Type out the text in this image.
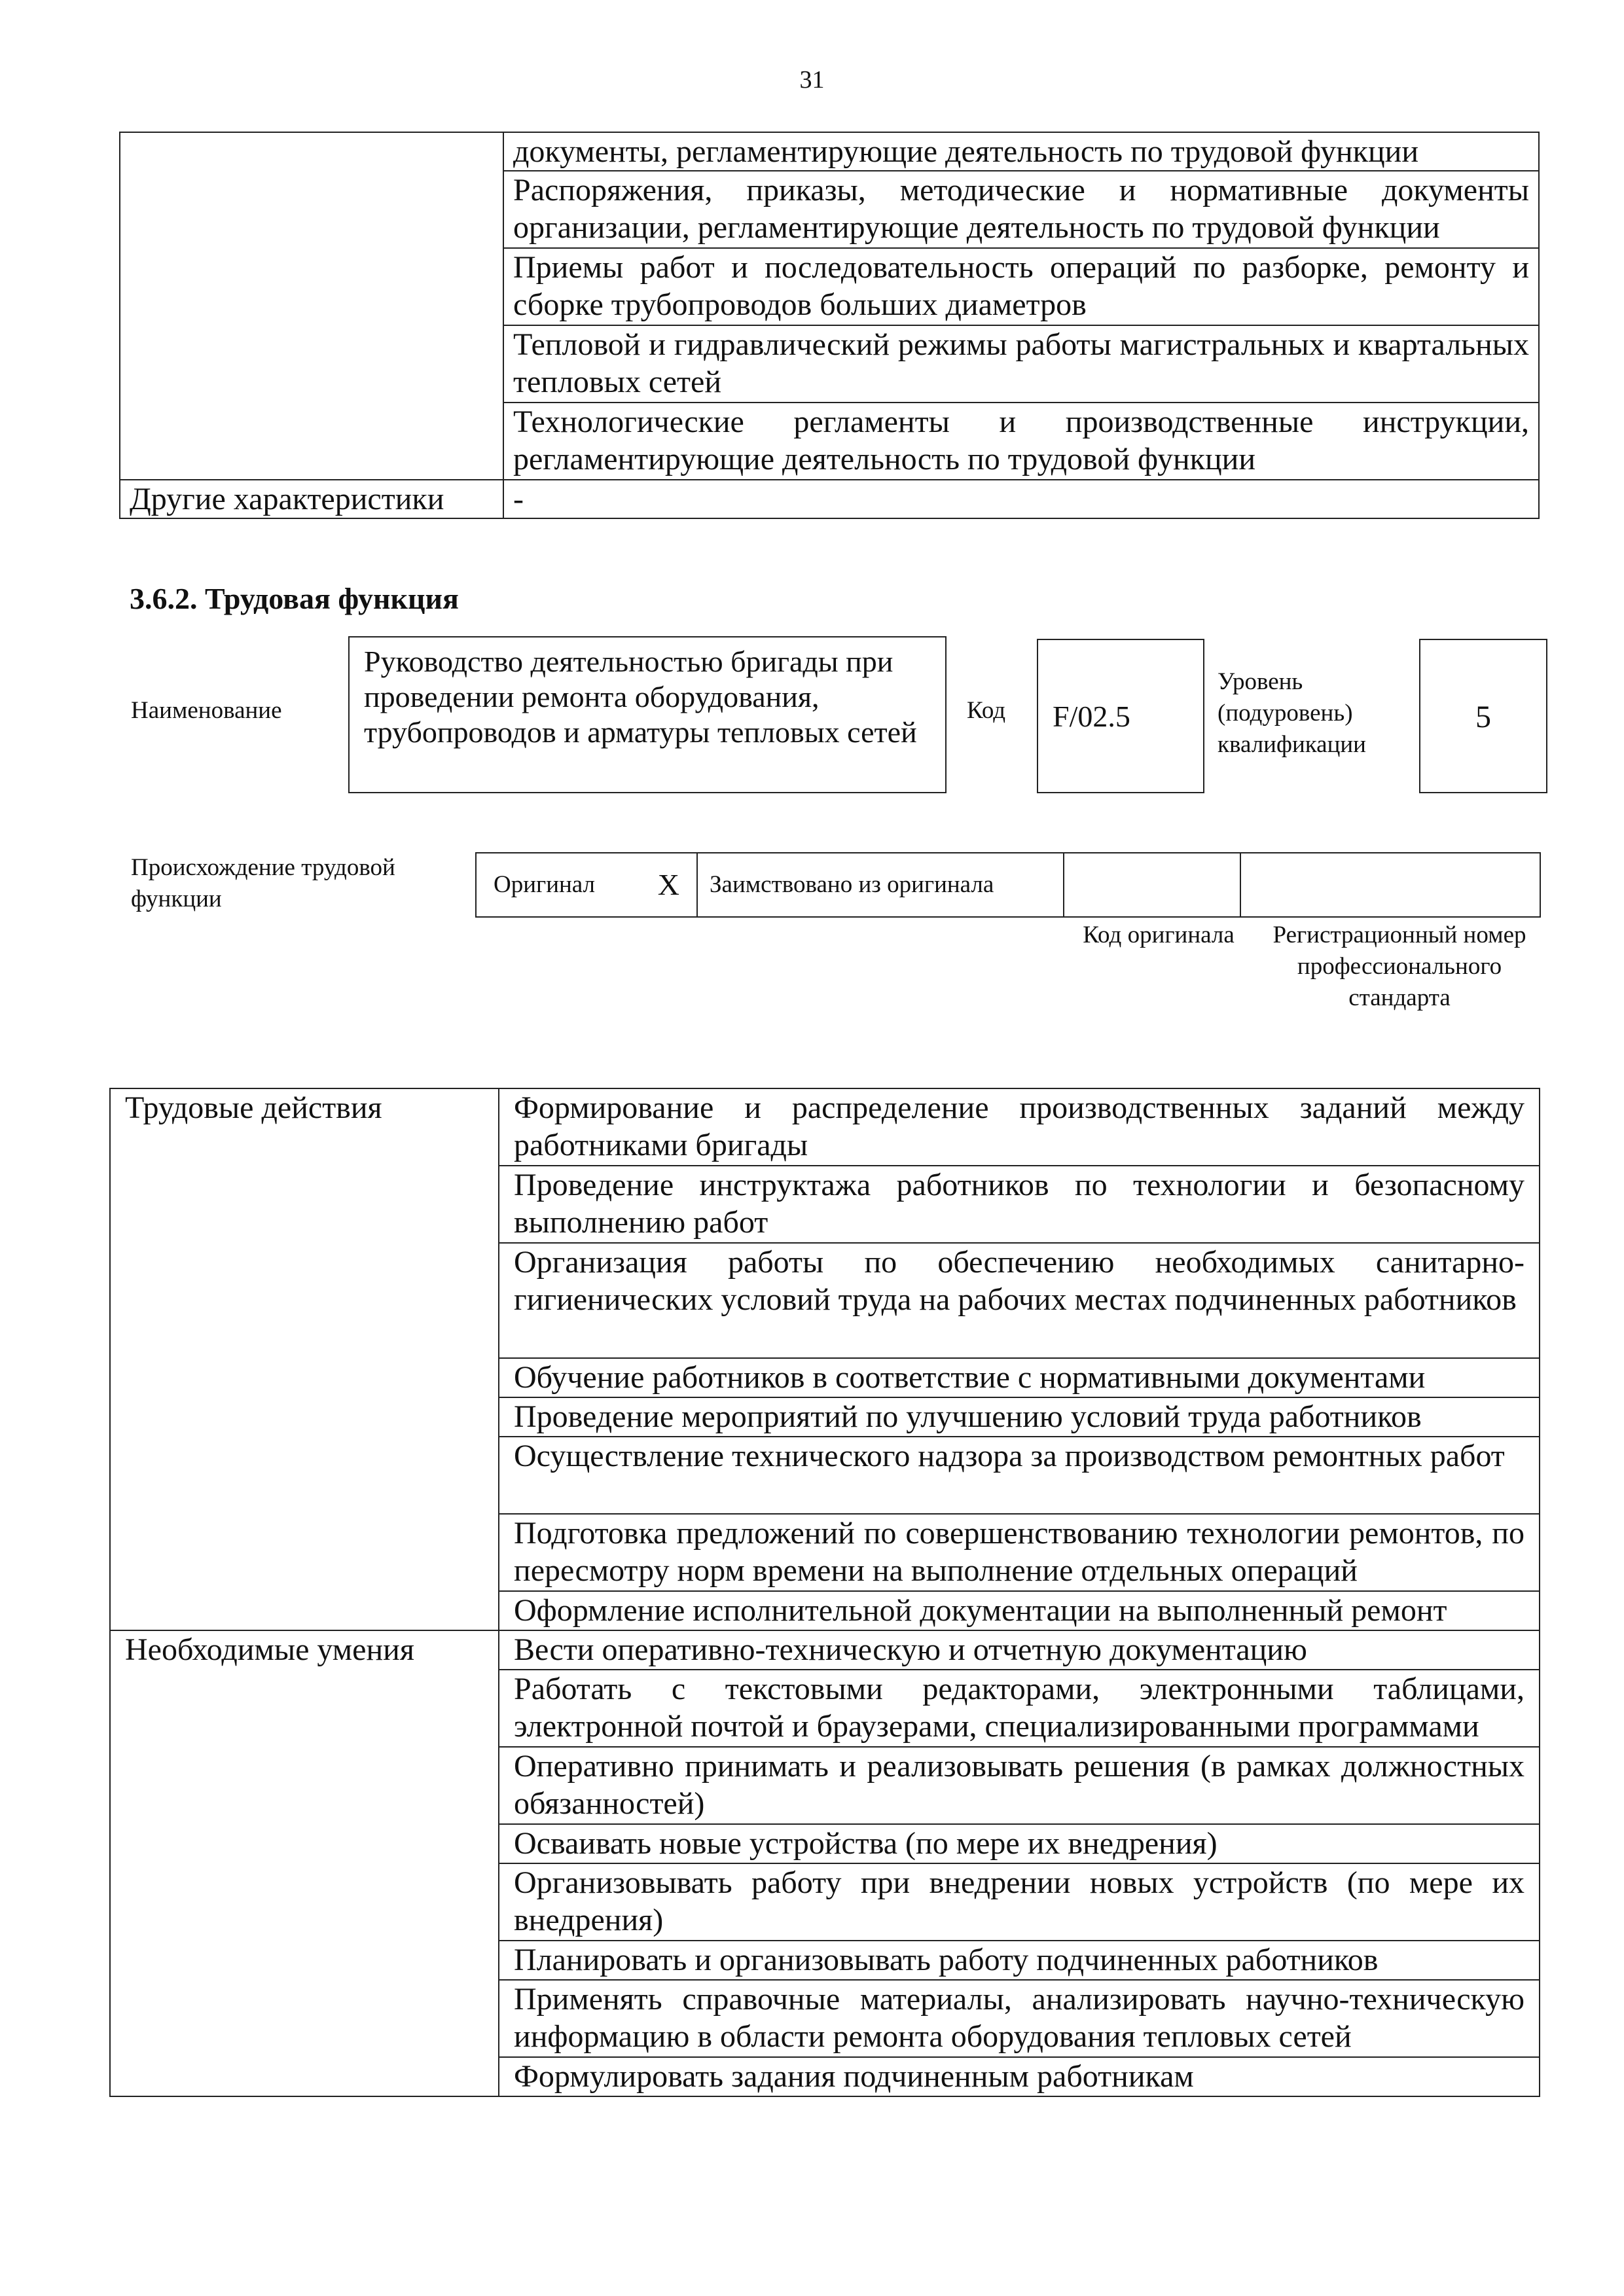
31
	документы, регламентирующие деятельность по трудовой функции
	Распоряжения, приказы, методические и нормативные документы организации, регламентирующие деятельность по трудовой функции
	Приемы работ и последовательность операций по разборке, ремонту и сборке трубопроводов больших диаметров
	Тепловой и гидравлический режимы работы магистральных и квартальных тепловых сетей
	Технологические регламенты и производственные инструкции, регламентирующие деятельность по трудовой функции
Другие характеристики	-
3.6.2. Трудовая функция
Наименование
Руководство деятельностью бригады при проведении ремонта оборудования, трубопроводов и арматуры тепловых сетей
Код F/02.5
Уровень (подуровень) квалификации
5
Происхождение трудовой функции
Оригинал X	Заимствовано из оригинала		
Код оригинала	Регистрационный номер профессионального стандарта
Трудовые действия	Формирование и распределение производственных заданий между работниками бригады
	Проведение инструктажа работников по технологии и безопасному выполнению работ
	Организация работы по обеспечению необходимых санитарно-гигиенических условий труда на рабочих местах подчиненных работников
	Обучение работников в соответствие с нормативными документами
	Проведение мероприятий по улучшению условий труда работников
	Осуществление технического надзора за производством ремонтных работ
	Подготовка предложений по совершенствованию технологии ремонтов, по пересмотру норм времени на выполнение отдельных операций
	Оформление исполнительной документации на выполненный ремонт
Необходимые умения	Вести оперативно-техническую и отчетную документацию
	Работать с текстовыми редакторами, электронными таблицами, электронной почтой и браузерами, специализированными программами
	Оперативно принимать и реализовывать решения (в рамках должностных обязанностей)
	Осваивать новые устройства (по мере их внедрения)
	Организовывать работу при внедрении новых устройств (по мере их внедрения)
	Планировать и организовывать работу подчиненных работников
	Применять справочные материалы, анализировать научно-техническую информацию в области ремонта оборудования тепловых сетей
	Формулировать задания подчиненным работникам
